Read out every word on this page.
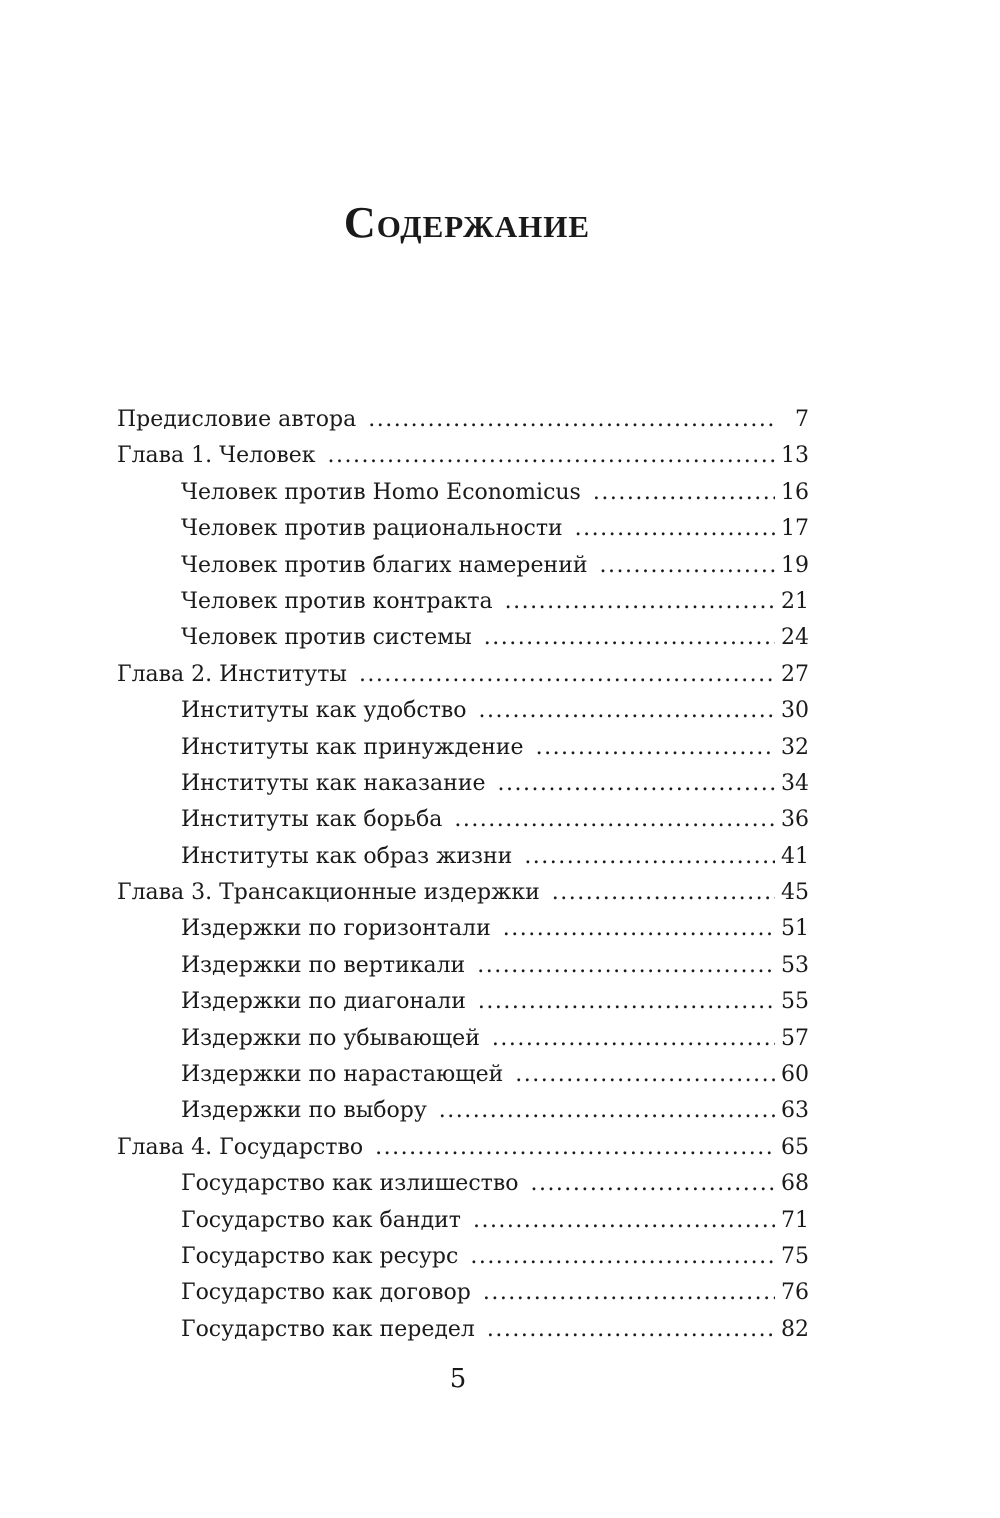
Содержание
Предисловие автора .....	7
Глава 1. Человек .....	13
Человек против Homo Economicus .....	16
Человек против рациональности .....	17
Человек против благих намерений .....	19
Человек против контракта .....	21
Человек против системы .....	24
Глава 2. Институты .....	27
Институты как удобство .....	30
Институты как принуждение .....	32
Институты как наказание .....	34
Институты как борьба .....	36
Институты как образ жизни .....	41
Глава 3. Трансакционные издержки .....	45
Издержки по горизонтали .....	51
Издержки по вертикали .....	53
Издержки по диагонали .....	55
Издержки по убывающей .....	57
Издержки по нарастающей .....	60
Издержки по выбору .....	63
Глава 4. Государство .....	65
Государство как излишество .....	68
Государство как бандит .....	71
Государство как ресурс .....	75
Государство как договор .....	76
Государство как передел .....	82
5
